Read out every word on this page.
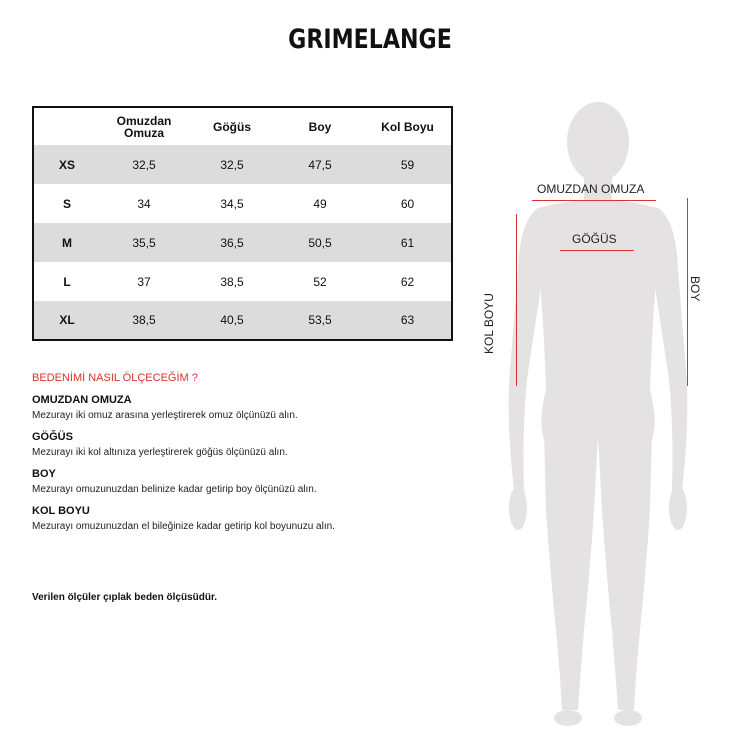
GRIMELANGE
	Omuzdan Omuza	Göğüs	Boy	Kol Boyu
XS	32,5	32,5	47,5	59
S	34	34,5	49	60
M	35,5	36,5	50,5	61
L	37	38,5	52	62
XL	38,5	40,5	53,5	63

BEDENİMİ NASIL ÖLÇECEĞİM ?

OMUZDAN OMUZA

Mezurayı iki omuz arasına yerleştirerek omuz ölçünüzü alın.

GÖĞÜS

Mezurayı iki kol altınıza yerleştirerek göğüs ölçünüzü alın.

BOY

Mezurayı omuzunuzdan belinize kadar getirip boy ölçünüzü alın.

KOL BOYU

Mezurayı omuzunuzdan el bileğinize kadar getirip kol boyunuzu alın.

Verilen ölçüler çıplak beden ölçüsüdür.
OMUZDAN OMUZA
GÖĞÜS
KOL BOYU
BOY
